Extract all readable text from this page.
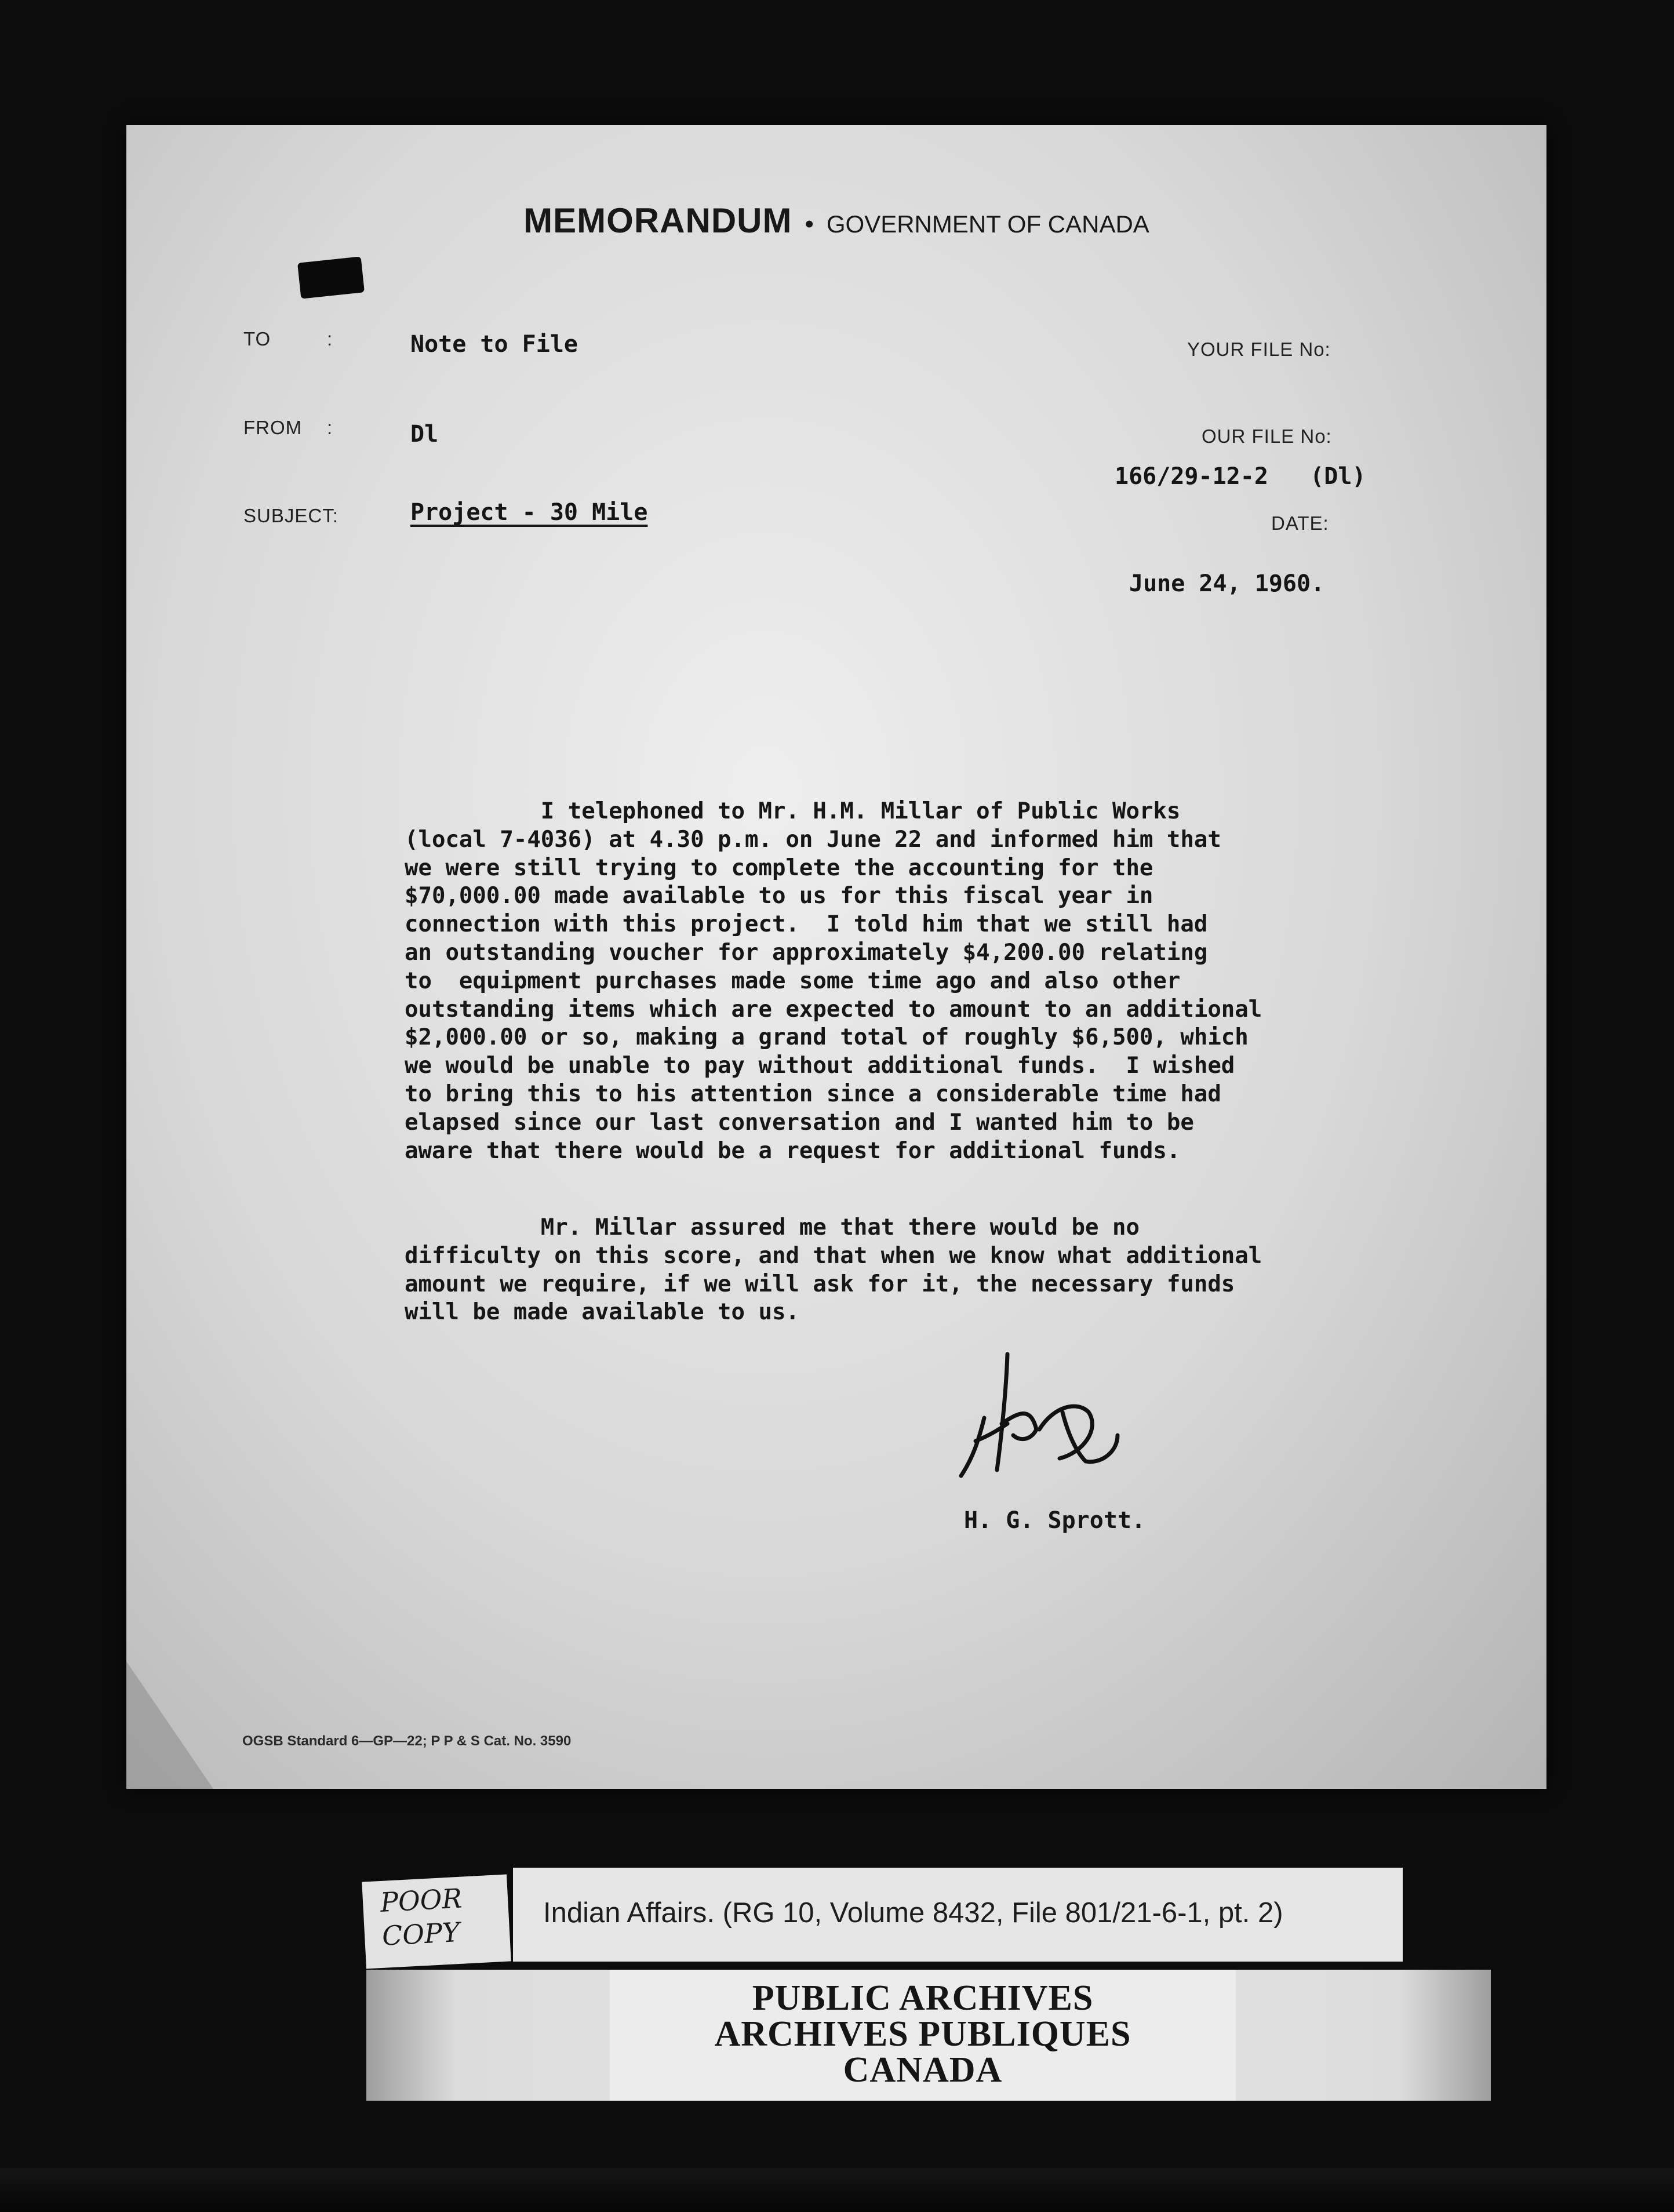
MEMORANDUM • GOVERNMENT OF CANADA
TO	:	Note to File
FROM :	Dl
SUBJECT:	Project - 30 Mile
YOUR FILE No:
OUR FILE No:
166/29-12-2   (Dl)
DATE:
June 24, 1960.
I telephoned to Mr. H.M. Millar of Public Works
(local 7-4036) at 4.30 p.m. on June 22 and informed him that
we were still trying to complete the accounting for the
$70,000.00 made available to us for this fiscal year in
connection with this project.  I told him that we still had
an outstanding voucher for approximately $4,200.00 relating
to  equipment purchases made some time ago and also other
outstanding items which are expected to amount to an additional
$2,000.00 or so, making a grand total of roughly $6,500, which
we would be unable to pay without additional funds.  I wished
to bring this to his attention since a considerable time had
elapsed since our last conversation and I wanted him to be
aware that there would be a request for additional funds.
Mr. Millar assured me that there would be no
difficulty on this score, and that when we know what additional
amount we require, if we will ask for it, the necessary funds
will be made available to us.
H. G. Sprott.
OGSB Standard 6—GP—22; P P & S Cat. No. 3590
POOR
COPY
Indian Affairs. (RG 10, Volume 8432, File 801/21-6-1, pt. 2)
PUBLIC ARCHIVES
ARCHIVES PUBLIQUES
CANADA
